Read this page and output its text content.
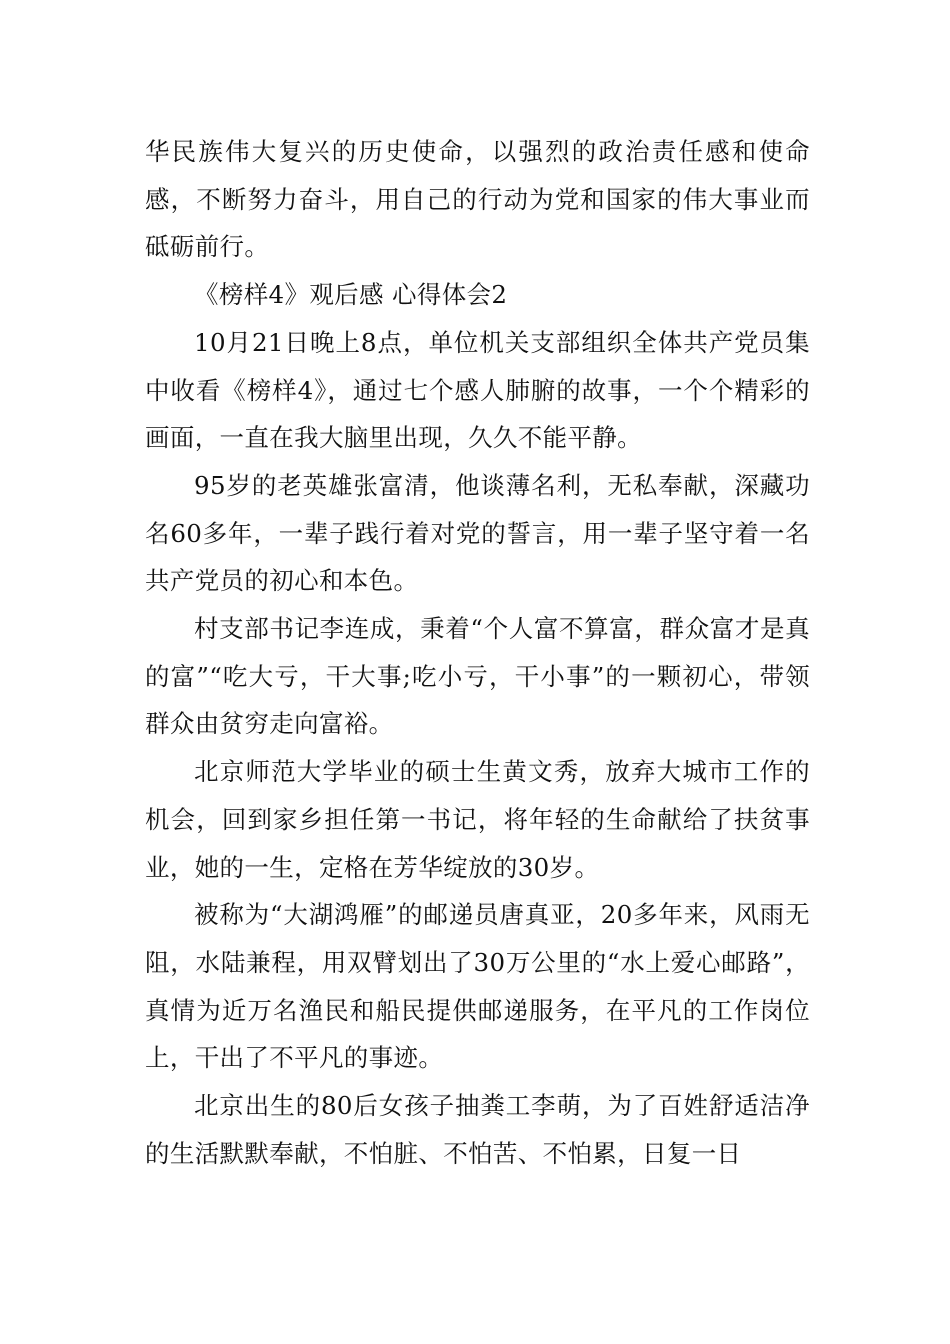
华民族伟大复兴的历史使命，以强烈的政治责任感和使命感，不断努力奋斗，用自己的行动为党和国家的伟大事业而砥砺前行。

《榜样4》观后感 心得体会2

10月21日晚上8点，单位机关支部组织全体共产党员集中收看《榜样4》，通过七个感人肺腑的故事，一个个精彩的画面，一直在我大脑里出现，久久不能平静。

95岁的老英雄张富清，他谈薄名利，无私奉献，深藏功名60多年，一辈子践行着对党的誓言，用一辈子坚守着一名共产党员的初心和本色。

村支部书记李连成，秉着“个人富不算富，群众富才是真的富”“吃大亏，干大事;吃小亏，干小事”的一颗初心，带领群众由贫穷走向富裕。

北京师范大学毕业的硕士生黄文秀，放弃大城市工作的机会，回到家乡担任第一书记，将年轻的生命献给了扶贫事业，她的一生，定格在芳华绽放的30岁。

被称为“大湖鸿雁”的邮递员唐真亚，20多年来，风雨无阻，水陆兼程，用双臂划出了30万公里的“水上爱心邮路”，真情为近万名渔民和船民提供邮递服务，在平凡的工作岗位上，干出了不平凡的事迹。

北京出生的80后女孩子抽粪工李萌，为了百姓舒适洁净的生活默默奉献，不怕脏、不怕苦、不怕累，日复一日
